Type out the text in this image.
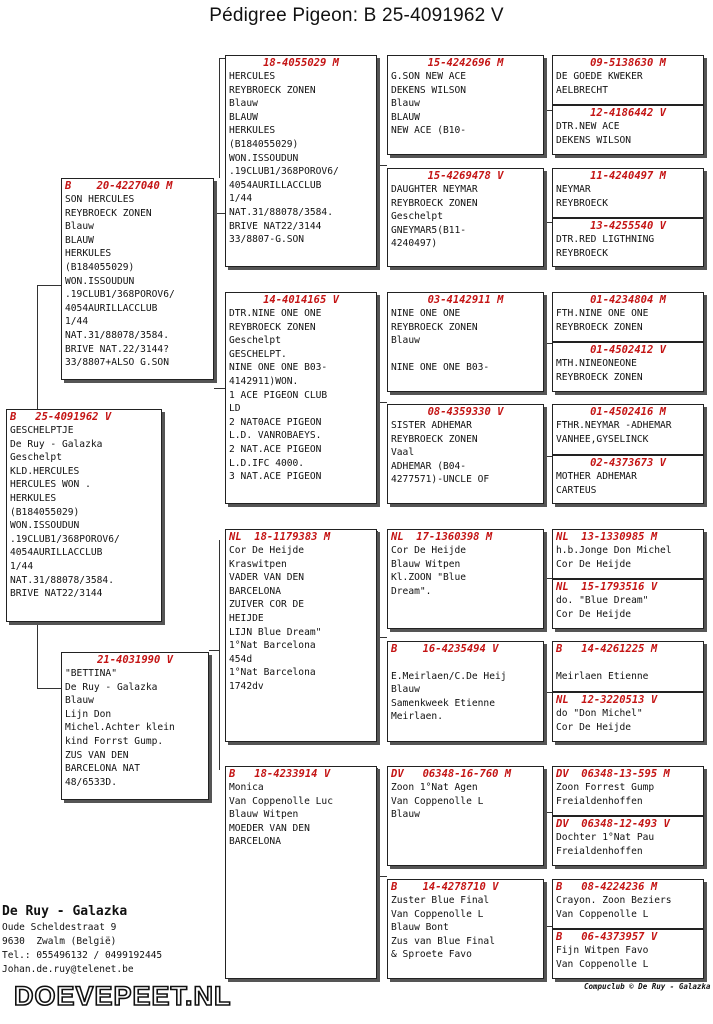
Pédigree Pigeon: B 25-4091962 V
B   25-4091962 V
GESCHELPTJE
De Ruy - Galazka
Geschelpt
KLD.HERCULES
HERCULES WON .
HERKULES
(B184055029)
WON.ISSOUDUN
.19CLUB1/368POROV6/
4054AURILLACCLUB
1/44
NAT.31/88078/3584.
BRIVE NAT22/3144
B    20-4227040 M
SON HERCULES
REYBROECK ZONEN
Blauw
BLAUW
HERKULES
(B184055029)
WON.ISSOUDUN
.19CLUB1/368POROV6/
4054AURILLACCLUB
1/44
NAT.31/88078/3584.
BRIVE NAT.22/3144?
33/8807+ALSO G.SON
21-4031990 V
"BETTINA"
De Ruy - Galazka
Blauw
Lijn Don
Michel.Achter klein
kind Forrst Gump.
ZUS VAN DEN
BARCELONA NAT
48/6533D.
18-4055029 M
HERCULES
REYBROECK ZONEN
Blauw
BLAUW
HERKULES
(B184055029)
WON.ISSOUDUN
.19CLUB1/368POROV6/
4054AURILLACCLUB
1/44
NAT.31/88078/3584.
BRIVE NAT22/3144
33/8807-G.SON
14-4014165 V
DTR.NINE ONE ONE
REYBROECK ZONEN
Geschelpt
GESCHELPT.
NINE ONE ONE B03-
4142911)WON.
1 ACE PIGEON CLUB
LD
2 NAT0ACE PIGEON
L.D. VANROBAEYS.
2 NAT.ACE PIGEON
L.D.IFC 4000.
3 NAT.ACE PIGEON
NL  18-1179383 M
Cor De Heijde
Kraswitpen
VADER VAN DEN
BARCELONA
ZUIVER COR DE
HEIJDE
LIJN Blue Dream"
1°Nat Barcelona
454d
1°Nat Barcelona
1742dv
B   18-4233914 V
Monica
Van Coppenolle Luc
Blauw Witpen
MOEDER VAN DEN
BARCELONA
15-4242696 M
G.SON NEW ACE
DEKENS WILSON
Blauw
BLAUW
NEW ACE (B10-
15-4269478 V
DAUGHTER NEYMAR
REYBROECK ZONEN
Geschelpt
GNEYMAR5(B11-
4240497)
03-4142911 M
NINE ONE ONE
REYBROECK ZONEN
Blauw

NINE ONE ONE B03-
08-4359330 V
SISTER ADHEMAR
REYBROECK ZONEN
Vaal
ADHEMAR (B04-
4277571)-UNCLE OF
NL  17-1360398 M
Cor De Heijde
Blauw Witpen
Kl.ZOON "Blue
Dream".
B    16-4235494 V

E.Meirlaen/C.De Heij
Blauw
Samenkweek Etienne
Meirlaen.
DV   06348-16-760 M
Zoon 1°Nat Agen
Van Coppenolle L
Blauw
B    14-4278710 V
Zuster Blue Final
Van Coppenolle L
Blauw Bont
Zus van Blue Final
& Sproete Favo
09-5138630 M
DE GOEDE KWEKER
AELBRECHT
12-4186442 V
DTR.NEW ACE
DEKENS WILSON
11-4240497 M
NEYMAR
REYBROECK
13-4255540 V
DTR.RED LIGTHNING
REYBROECK
01-4234804 M
FTH.NINE ONE ONE
REYBROECK ZONEN
01-4502412 V
MTH.NINEONEONE
REYBROECK ZONEN
01-4502416 M
FTHR.NEYMAR -ADHEMAR
VANHEE,GYSELINCK
02-4373673 V
MOTHER ADHEMAR
CARTEUS
NL  13-1330985 M
h.b.Jonge Don Michel
Cor De Heijde
NL  15-1793516 V
do. "Blue Dream"
Cor De Heijde
B   14-4261225 M

Meirlaen Etienne
NL  12-3220513 V
do "Don Michel"
Cor De Heijde
DV  06348-13-595 M
Zoon Forrest Gump
Freialdenhoffen
DV  06348-12-493 V
Dochter 1°Nat Pau
Freialdenhoffen
B   08-4224236 M
Crayon. Zoon Beziers
Van Coppenolle L
B   06-4373957 V
Fijn Witpen Favo
Van Coppenolle L
De Ruy - Galazka
Oude Scheldestraat 9
9630  Zwalm (België)
Tel.: 055496132 / 0499192445
Johan.de.ruy@telenet.be
DOEVEPEET.NL	Compuclub © De Ruy - Galazka
